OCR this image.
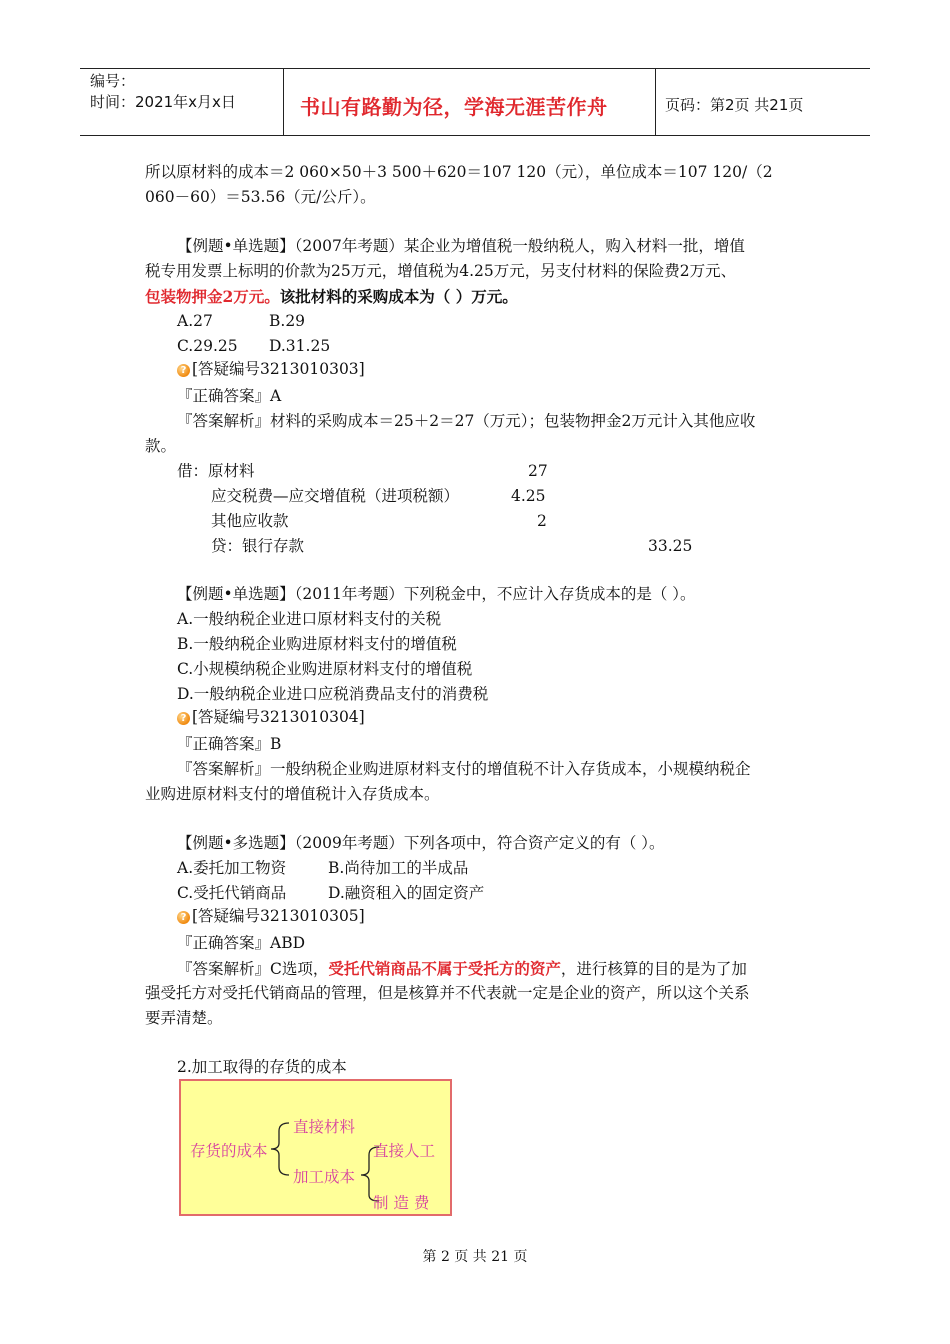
编号：
时间：2021年x月x日	书山有路勤为径，学海无涯苦作舟	页码：第2页 共21页
所以原材料的成本＝2 060×50＋3 500＋620＝107 120（元），单位成本＝107 120/（2
060－60）＝53.56（元/公斤）。
【例题•单选题】（2007年考题）某企业为增值税一般纳税人，购入材料一批，增值
税专用发票上标明的价款为25万元，增值税为4.25万元，另支付材料的保险费2万元、
包装物押金2万元。该批材料的采购成本为（ ）万元。
A.27	B.29
C.29.25 D.31.25
? [答疑编号3213010303]
『正确答案』A
『答案解析』材料的采购成本＝25＋2＝27（万元）；包装物押金2万元计入其他应收
款。
借：原材料	27
应交税费—应交增值税（进项税额）	4.25
其他应收款	2
贷：银行存款	33.25
【例题•单选题】（2011年考题）下列税金中，不应计入存货成本的是（ ）。
A.一般纳税企业进口原材料支付的关税
B.一般纳税企业购进原材料支付的增值税
C.小规模纳税企业购进原材料支付的增值税
D.一般纳税企业进口应税消费品支付的消费税
? [答疑编号3213010304]
『正确答案』B
『答案解析』一般纳税企业购进原材料支付的增值税不计入存货成本，小规模纳税企
业购进原材料支付的增值税计入存货成本。
【例题•多选题】（2009年考题）下列各项中，符合资产定义的有（ ）。
A.委托加工物资	B.尚待加工的半成品
C.受托代销商品	D.融资租入的固定资产
? [答疑编号3213010305]
『正确答案』ABD
『答案解析』C选项，受托代销商品不属于受托方的资产，进行核算的目的是为了加
强受托方对受托代销商品的管理，但是核算并不代表就一定是企业的资产，所以这个关系
要弄清楚。
2.加工取得的存货的成本
存货的成本
直接材料
加工成本
直接人工
制 造 费
第 2 页 共 21 页
